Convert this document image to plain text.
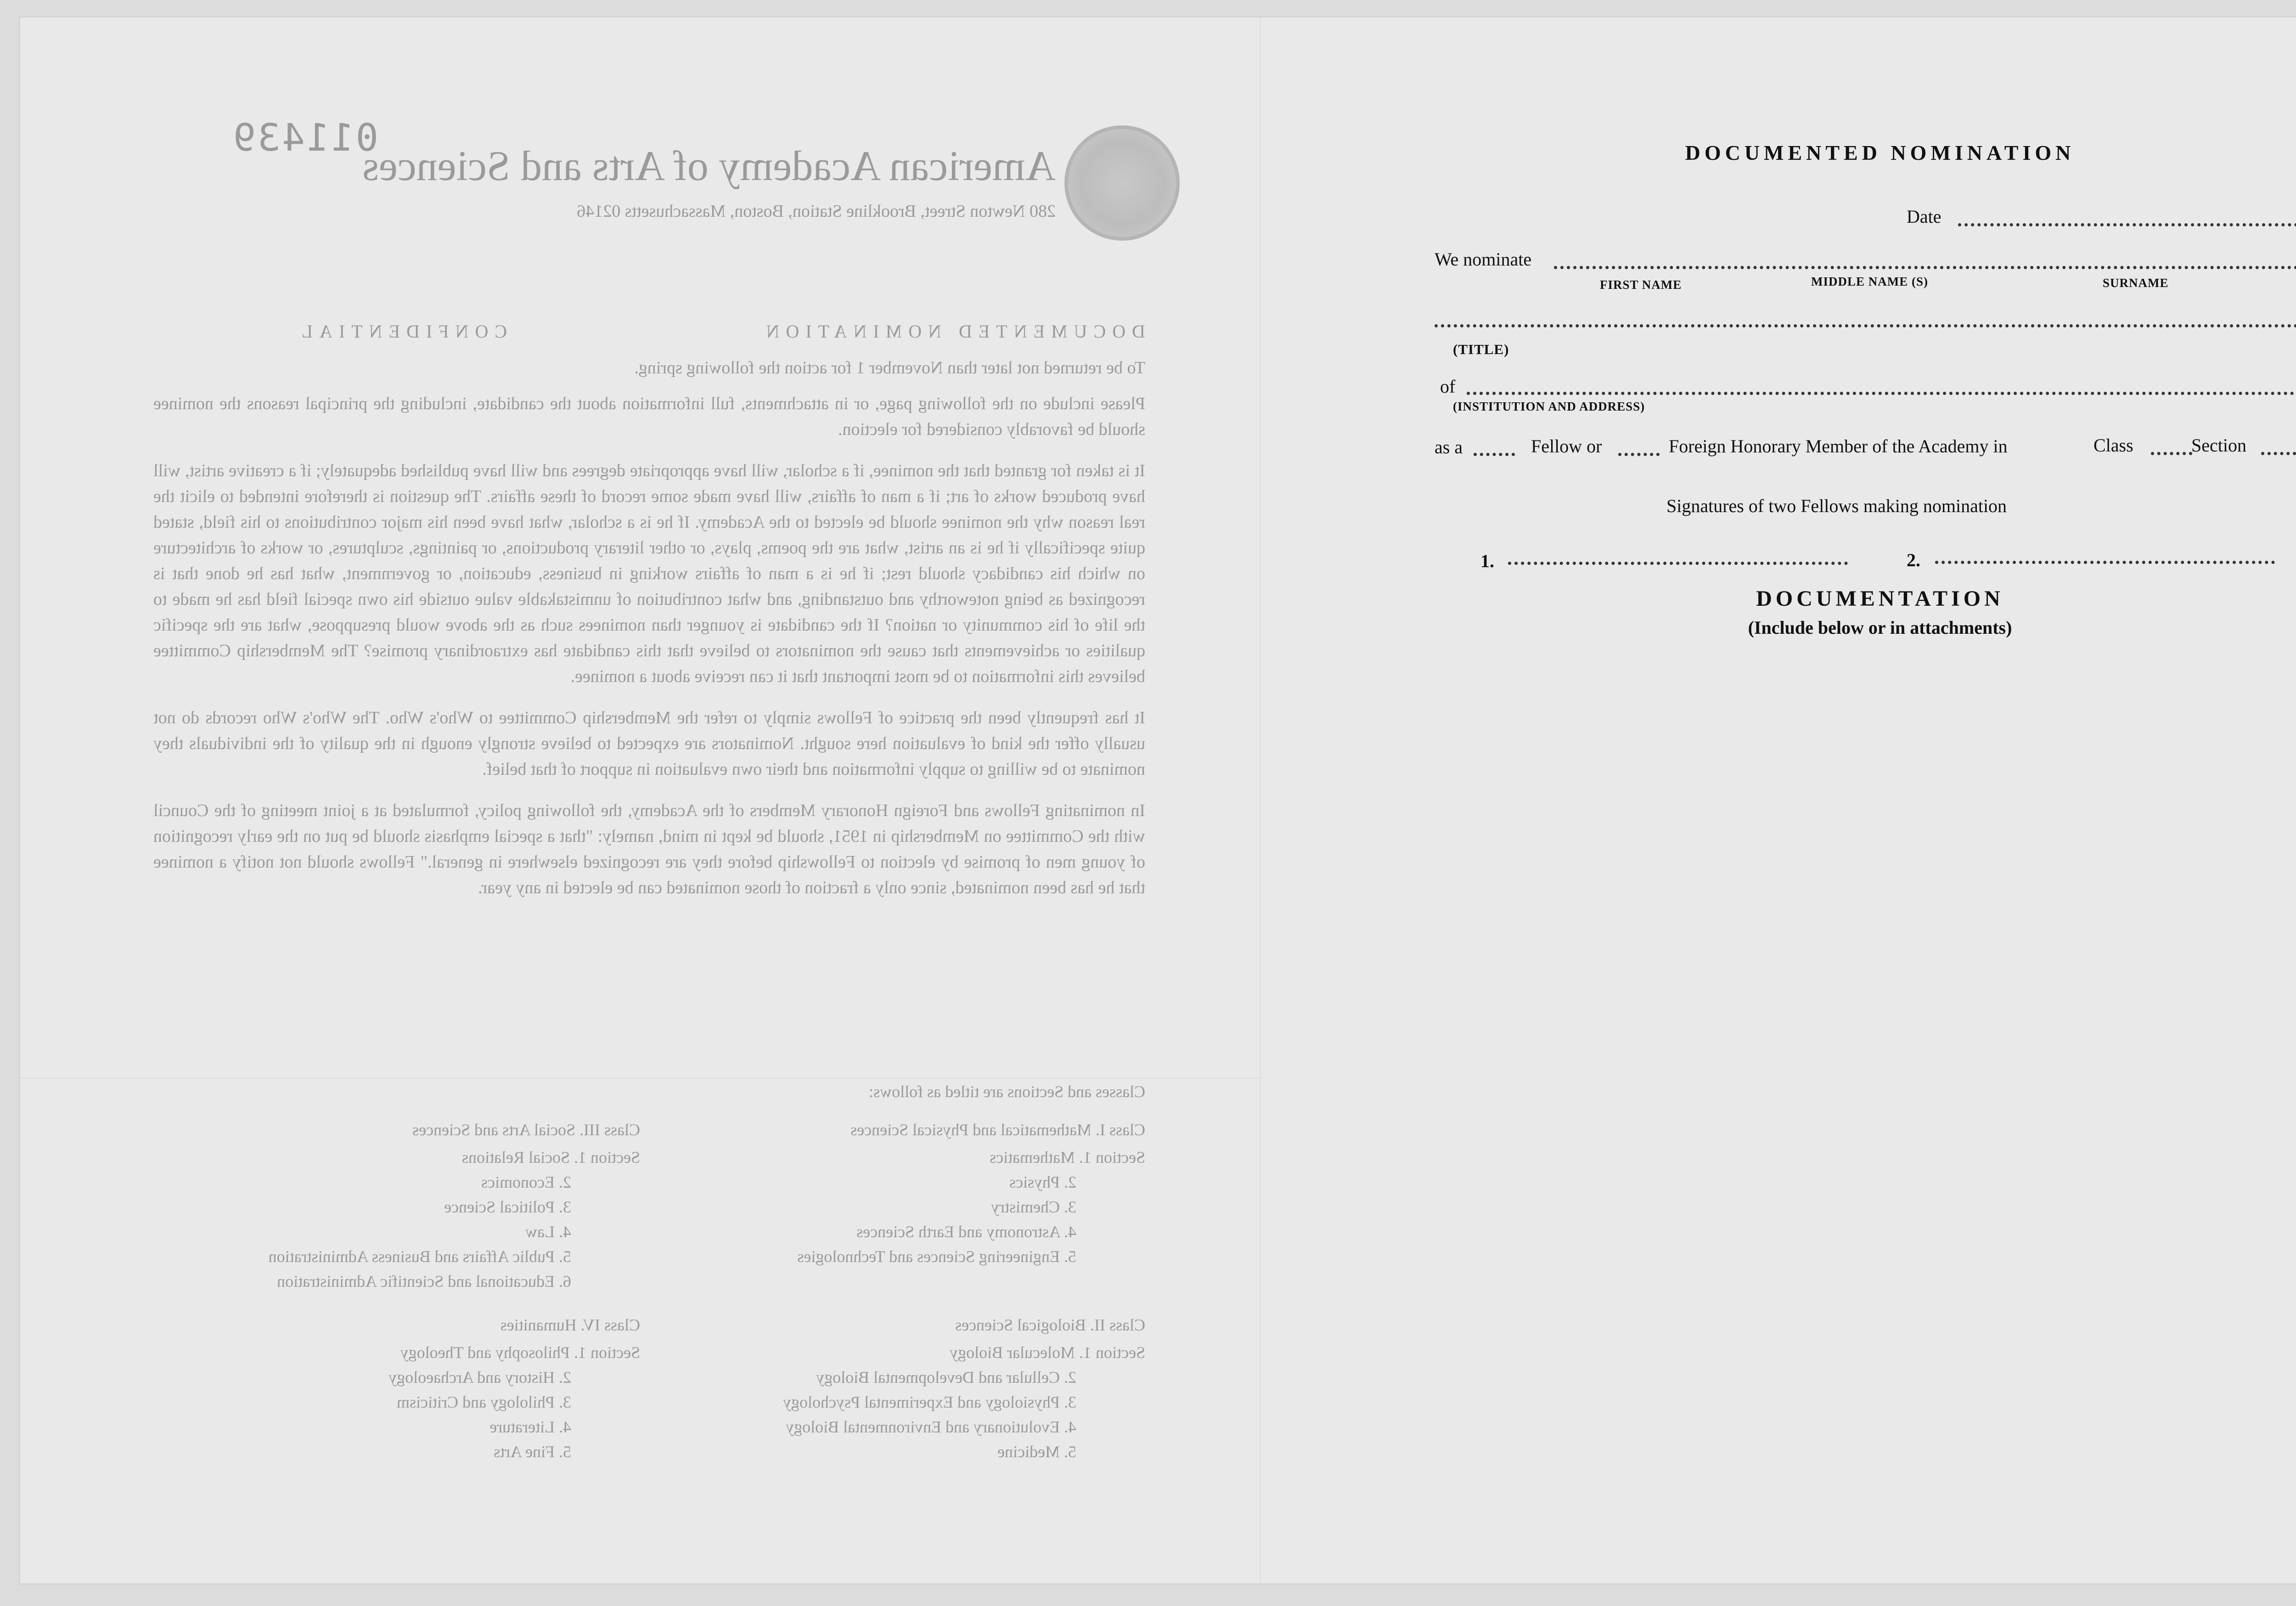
011439
American Academy of Arts and Sciences
280 Newton Street, Brookline Station, Boston, Massachusetts 02146
DOCUMENTED NOMINATION
CONFIDENTIAL

To be returned not later than November 1 for action the following spring.

Please include on the following page, or in attachments, full information about the candidate, including the principal reasons the nominee should be favorably considered for election.

It is taken for granted that the nominee, if a scholar, will have appropriate degrees and will have published adequately; if a creative artist, will have produced works of art; if a man of affairs, will have made some record of these affairs. The question is therefore intended to elicit the real reason why the nominee should be elected to the Academy. If he is a scholar, what have been his major contributions to his field, stated quite specifically if he is an artist, what are the poems, plays, or other literary productions, or paintings, sculptures, or works of architecture on which his candidacy should rest; if he is a man of affairs working in business, education, or government, what has he done that is recognized as being noteworthy and outstanding, and what contribution of unmistakable value outside his own special field has he made to the life of his community or nation? If the candidate is younger than nominees such as the above would presuppose, what are the specific qualities or achievements that cause the nominators to believe that this candidate has extraordinary promise? The Membership Committee believes this information to be most important that it can receive about a nominee.

It has frequently been the practice of Fellows simply to refer the Membership Committee to Who's Who. The Who's Who records do not usually offer the kind of evaluation here sought. Nominators are expected to believe strongly enough in the quality of the individuals they nominate to be willing to supply information and their own evaluation in support of that belief.

In nominating Fellows and Foreign Honorary Members of the Academy, the following policy, formulated at a joint meeting of the Council with the Committee on Membership in 1951, should be kept in mind, namely: "that a special emphasis should be put on the early recognition of young men of promise by election to Fellowship before they are recognized elsewhere in general." Fellows should not notify a nominee that he has been nominated, since only a fraction of those nominated can be elected in any year.

Classes and Sections are titled as follows:
Class I. Mathematical and Physical Sciences
Section 1. Mathematics
2. Physics
3. Chemistry
4. Astronomy and Earth Sciences
5. Engineering Sciences and Technologies
Class II. Biological Sciences
Section 1. Molecular Biology
2. Cellular and Developmental Biology
3. Physiology and Experimental Psychology
4. Evolutionary and Environmental Biology
5. Medicine
Class III. Social Arts and Sciences
Section 1. Social Relations
2. Economics
3. Political Science
4. Law
5. Public Affairs and Business Administration
6. Educational and Scientific Administration
Class IV. Humanities
Section 1. Philosophy and Theology
2. History and Archaeology
3. Philology and Criticism
4. Literature
5. Fine Arts
DOCUMENTED NOMINATION
Date
We nominate
FIRST NAME	MIDDLE NAME (S)	SURNAME
(TITLE)
of
(INSTITUTION AND ADDRESS)
as a	Fellow or	Foreign Honorary Member of the Academy in	Class	Section
Signatures of two Fellows making nomination
1.	2.
DOCUMENTATION
(Include below or in attachments)
